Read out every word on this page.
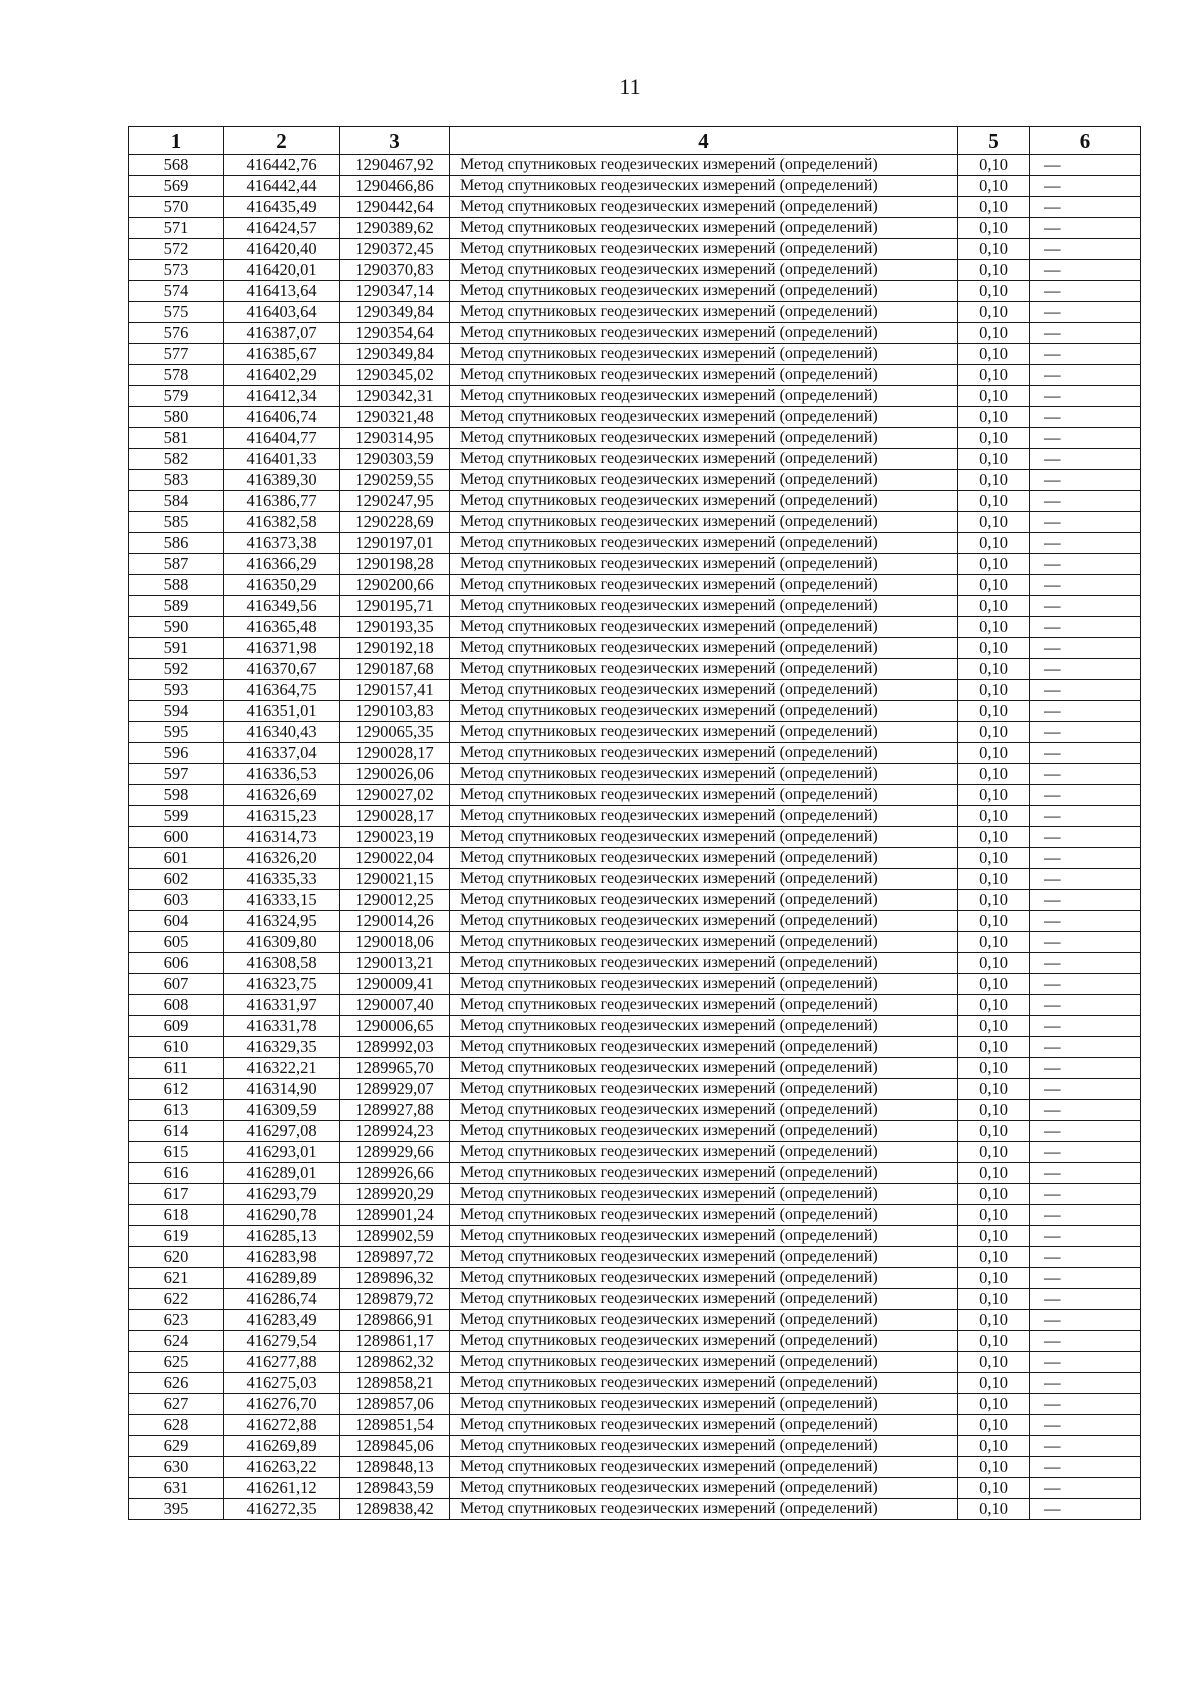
11
1	2	3	4	5	6
568	416442,76	1290467,92	Метод спутниковых геодезических измерений (определений)	0,10	—
569	416442,44	1290466,86	Метод спутниковых геодезических измерений (определений)	0,10	—
570	416435,49	1290442,64	Метод спутниковых геодезических измерений (определений)	0,10	—
571	416424,57	1290389,62	Метод спутниковых геодезических измерений (определений)	0,10	—
572	416420,40	1290372,45	Метод спутниковых геодезических измерений (определений)	0,10	—
573	416420,01	1290370,83	Метод спутниковых геодезических измерений (определений)	0,10	—
574	416413,64	1290347,14	Метод спутниковых геодезических измерений (определений)	0,10	—
575	416403,64	1290349,84	Метод спутниковых геодезических измерений (определений)	0,10	—
576	416387,07	1290354,64	Метод спутниковых геодезических измерений (определений)	0,10	—
577	416385,67	1290349,84	Метод спутниковых геодезических измерений (определений)	0,10	—
578	416402,29	1290345,02	Метод спутниковых геодезических измерений (определений)	0,10	—
579	416412,34	1290342,31	Метод спутниковых геодезических измерений (определений)	0,10	—
580	416406,74	1290321,48	Метод спутниковых геодезических измерений (определений)	0,10	—
581	416404,77	1290314,95	Метод спутниковых геодезических измерений (определений)	0,10	—
582	416401,33	1290303,59	Метод спутниковых геодезических измерений (определений)	0,10	—
583	416389,30	1290259,55	Метод спутниковых геодезических измерений (определений)	0,10	—
584	416386,77	1290247,95	Метод спутниковых геодезических измерений (определений)	0,10	—
585	416382,58	1290228,69	Метод спутниковых геодезических измерений (определений)	0,10	—
586	416373,38	1290197,01	Метод спутниковых геодезических измерений (определений)	0,10	—
587	416366,29	1290198,28	Метод спутниковых геодезических измерений (определений)	0,10	—
588	416350,29	1290200,66	Метод спутниковых геодезических измерений (определений)	0,10	—
589	416349,56	1290195,71	Метод спутниковых геодезических измерений (определений)	0,10	—
590	416365,48	1290193,35	Метод спутниковых геодезических измерений (определений)	0,10	—
591	416371,98	1290192,18	Метод спутниковых геодезических измерений (определений)	0,10	—
592	416370,67	1290187,68	Метод спутниковых геодезических измерений (определений)	0,10	—
593	416364,75	1290157,41	Метод спутниковых геодезических измерений (определений)	0,10	—
594	416351,01	1290103,83	Метод спутниковых геодезических измерений (определений)	0,10	—
595	416340,43	1290065,35	Метод спутниковых геодезических измерений (определений)	0,10	—
596	416337,04	1290028,17	Метод спутниковых геодезических измерений (определений)	0,10	—
597	416336,53	1290026,06	Метод спутниковых геодезических измерений (определений)	0,10	—
598	416326,69	1290027,02	Метод спутниковых геодезических измерений (определений)	0,10	—
599	416315,23	1290028,17	Метод спутниковых геодезических измерений (определений)	0,10	—
600	416314,73	1290023,19	Метод спутниковых геодезических измерений (определений)	0,10	—
601	416326,20	1290022,04	Метод спутниковых геодезических измерений (определений)	0,10	—
602	416335,33	1290021,15	Метод спутниковых геодезических измерений (определений)	0,10	—
603	416333,15	1290012,25	Метод спутниковых геодезических измерений (определений)	0,10	—
604	416324,95	1290014,26	Метод спутниковых геодезических измерений (определений)	0,10	—
605	416309,80	1290018,06	Метод спутниковых геодезических измерений (определений)	0,10	—
606	416308,58	1290013,21	Метод спутниковых геодезических измерений (определений)	0,10	—
607	416323,75	1290009,41	Метод спутниковых геодезических измерений (определений)	0,10	—
608	416331,97	1290007,40	Метод спутниковых геодезических измерений (определений)	0,10	—
609	416331,78	1290006,65	Метод спутниковых геодезических измерений (определений)	0,10	—
610	416329,35	1289992,03	Метод спутниковых геодезических измерений (определений)	0,10	—
611	416322,21	1289965,70	Метод спутниковых геодезических измерений (определений)	0,10	—
612	416314,90	1289929,07	Метод спутниковых геодезических измерений (определений)	0,10	—
613	416309,59	1289927,88	Метод спутниковых геодезических измерений (определений)	0,10	—
614	416297,08	1289924,23	Метод спутниковых геодезических измерений (определений)	0,10	—
615	416293,01	1289929,66	Метод спутниковых геодезических измерений (определений)	0,10	—
616	416289,01	1289926,66	Метод спутниковых геодезических измерений (определений)	0,10	—
617	416293,79	1289920,29	Метод спутниковых геодезических измерений (определений)	0,10	—
618	416290,78	1289901,24	Метод спутниковых геодезических измерений (определений)	0,10	—
619	416285,13	1289902,59	Метод спутниковых геодезических измерений (определений)	0,10	—
620	416283,98	1289897,72	Метод спутниковых геодезических измерений (определений)	0,10	—
621	416289,89	1289896,32	Метод спутниковых геодезических измерений (определений)	0,10	—
622	416286,74	1289879,72	Метод спутниковых геодезических измерений (определений)	0,10	—
623	416283,49	1289866,91	Метод спутниковых геодезических измерений (определений)	0,10	—
624	416279,54	1289861,17	Метод спутниковых геодезических измерений (определений)	0,10	—
625	416277,88	1289862,32	Метод спутниковых геодезических измерений (определений)	0,10	—
626	416275,03	1289858,21	Метод спутниковых геодезических измерений (определений)	0,10	—
627	416276,70	1289857,06	Метод спутниковых геодезических измерений (определений)	0,10	—
628	416272,88	1289851,54	Метод спутниковых геодезических измерений (определений)	0,10	—
629	416269,89	1289845,06	Метод спутниковых геодезических измерений (определений)	0,10	—
630	416263,22	1289848,13	Метод спутниковых геодезических измерений (определений)	0,10	—
631	416261,12	1289843,59	Метод спутниковых геодезических измерений (определений)	0,10	—
395	416272,35	1289838,42	Метод спутниковых геодезических измерений (определений)	0,10	—
